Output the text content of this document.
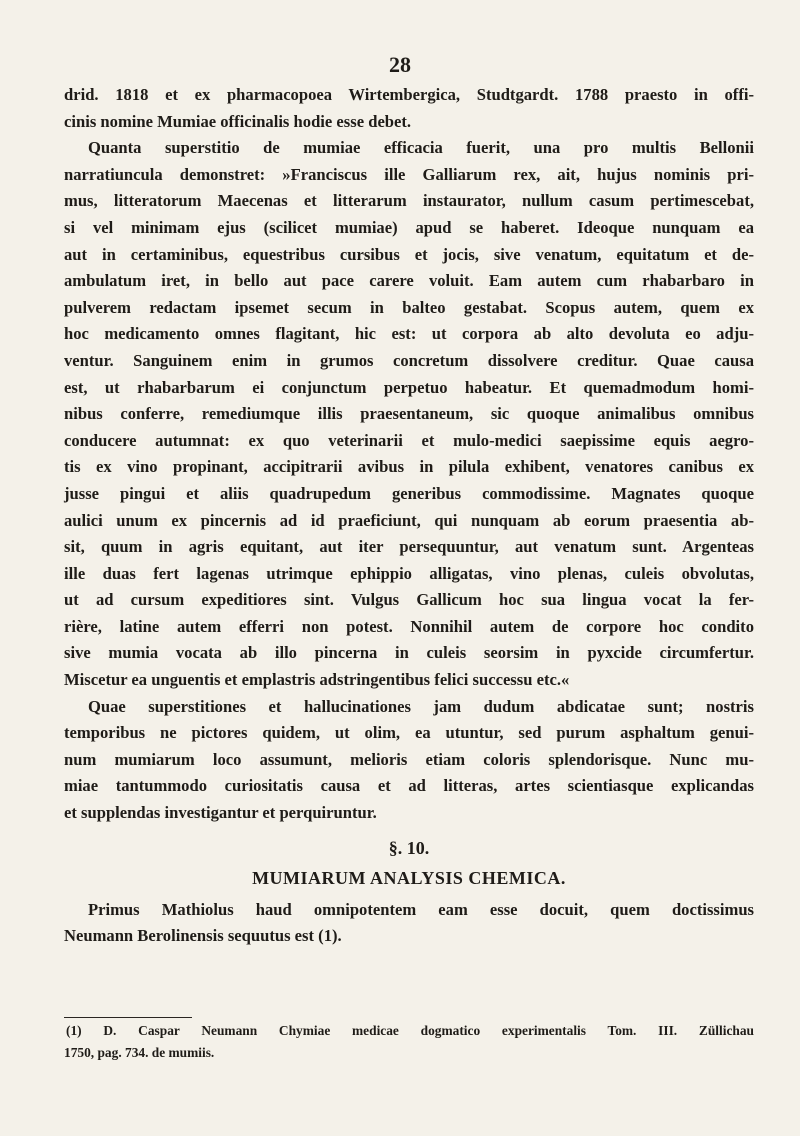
28
drid. 1818 et ex pharmacopoea Wirtembergica, Studtgardt. 1788 praesto in offi-
cinis nomine Mumiae officinalis hodie esse debet.
Quanta superstitio de mumiae efficacia fuerit, una pro multis Bellonii
narratiuncula demonstret: »Franciscus ille Galliarum rex, ait, hujus nominis pri-
mus, litteratorum Maecenas et litterarum instaurator, nullum casum pertimescebat,
si vel minimam ejus (scilicet mumiae) apud se haberet. Ideoque nunquam ea
aut in certaminibus, equestribus cursibus et jocis, sive venatum, equitatum et de-
ambulatum iret, in bello aut pace carere voluit. Eam autem cum rhabarbaro in
pulverem redactam ipsemet secum in balteo gestabat. Scopus autem, quem ex
hoc medicamento omnes flagitant, hic est: ut corpora ab alto devoluta eo adju-
ventur. Sanguinem enim in grumos concretum dissolvere creditur. Quae causa
est, ut rhabarbarum ei conjunctum perpetuo habeatur. Et quemadmodum homi-
nibus conferre, remediumque illis praesentaneum, sic quoque animalibus omnibus
conducere autumnat: ex quo veterinarii et mulo-medici saepissime equis aegro-
tis ex vino propinant, accipitrarii avibus in pilula exhibent, venatores canibus ex
jusse pingui et aliis quadrupedum generibus commodissime. Magnates quoque
aulici unum ex pincernis ad id praeficiunt, qui nunquam ab eorum praesentia ab-
sit, quum in agris equitant, aut iter persequuntur, aut venatum sunt. Argenteas
ille duas fert lagenas utrimque ephippio alligatas, vino plenas, culeis obvolutas,
ut ad cursum expeditiores sint. Vulgus Gallicum hoc sua lingua vocat la fer-
rière, latine autem efferri non potest. Nonnihil autem de corpore hoc condito
sive mumia vocata ab illo pincerna in culeis seorsim in pyxcide circumfertur.
Miscetur ea unguentis et emplastris adstringentibus felici successu etc.«
Quae superstitiones et hallucinationes jam dudum abdicatae sunt; nostris
temporibus ne pictores quidem, ut olim, ea utuntur, sed purum asphaltum genui-
num mumiarum loco assumunt, melioris etiam coloris splendorisque. Nunc mu-
miae tantummodo curiositatis causa et ad litteras, artes scientiasque explicandas
et supplendas investigantur et perquiruntur.
§. 10.
MUMIARUM ANALYSIS CHEMICA.
Primus Mathiolus haud omnipotentem eam esse docuit, quem doctissimus
Neumann Berolinensis sequutus est (1).
(1) D. Caspar Neumann Chymiae medicae dogmatico experimentalis Tom. III. Züllichau
1750, pag. 734. de mumiis.
